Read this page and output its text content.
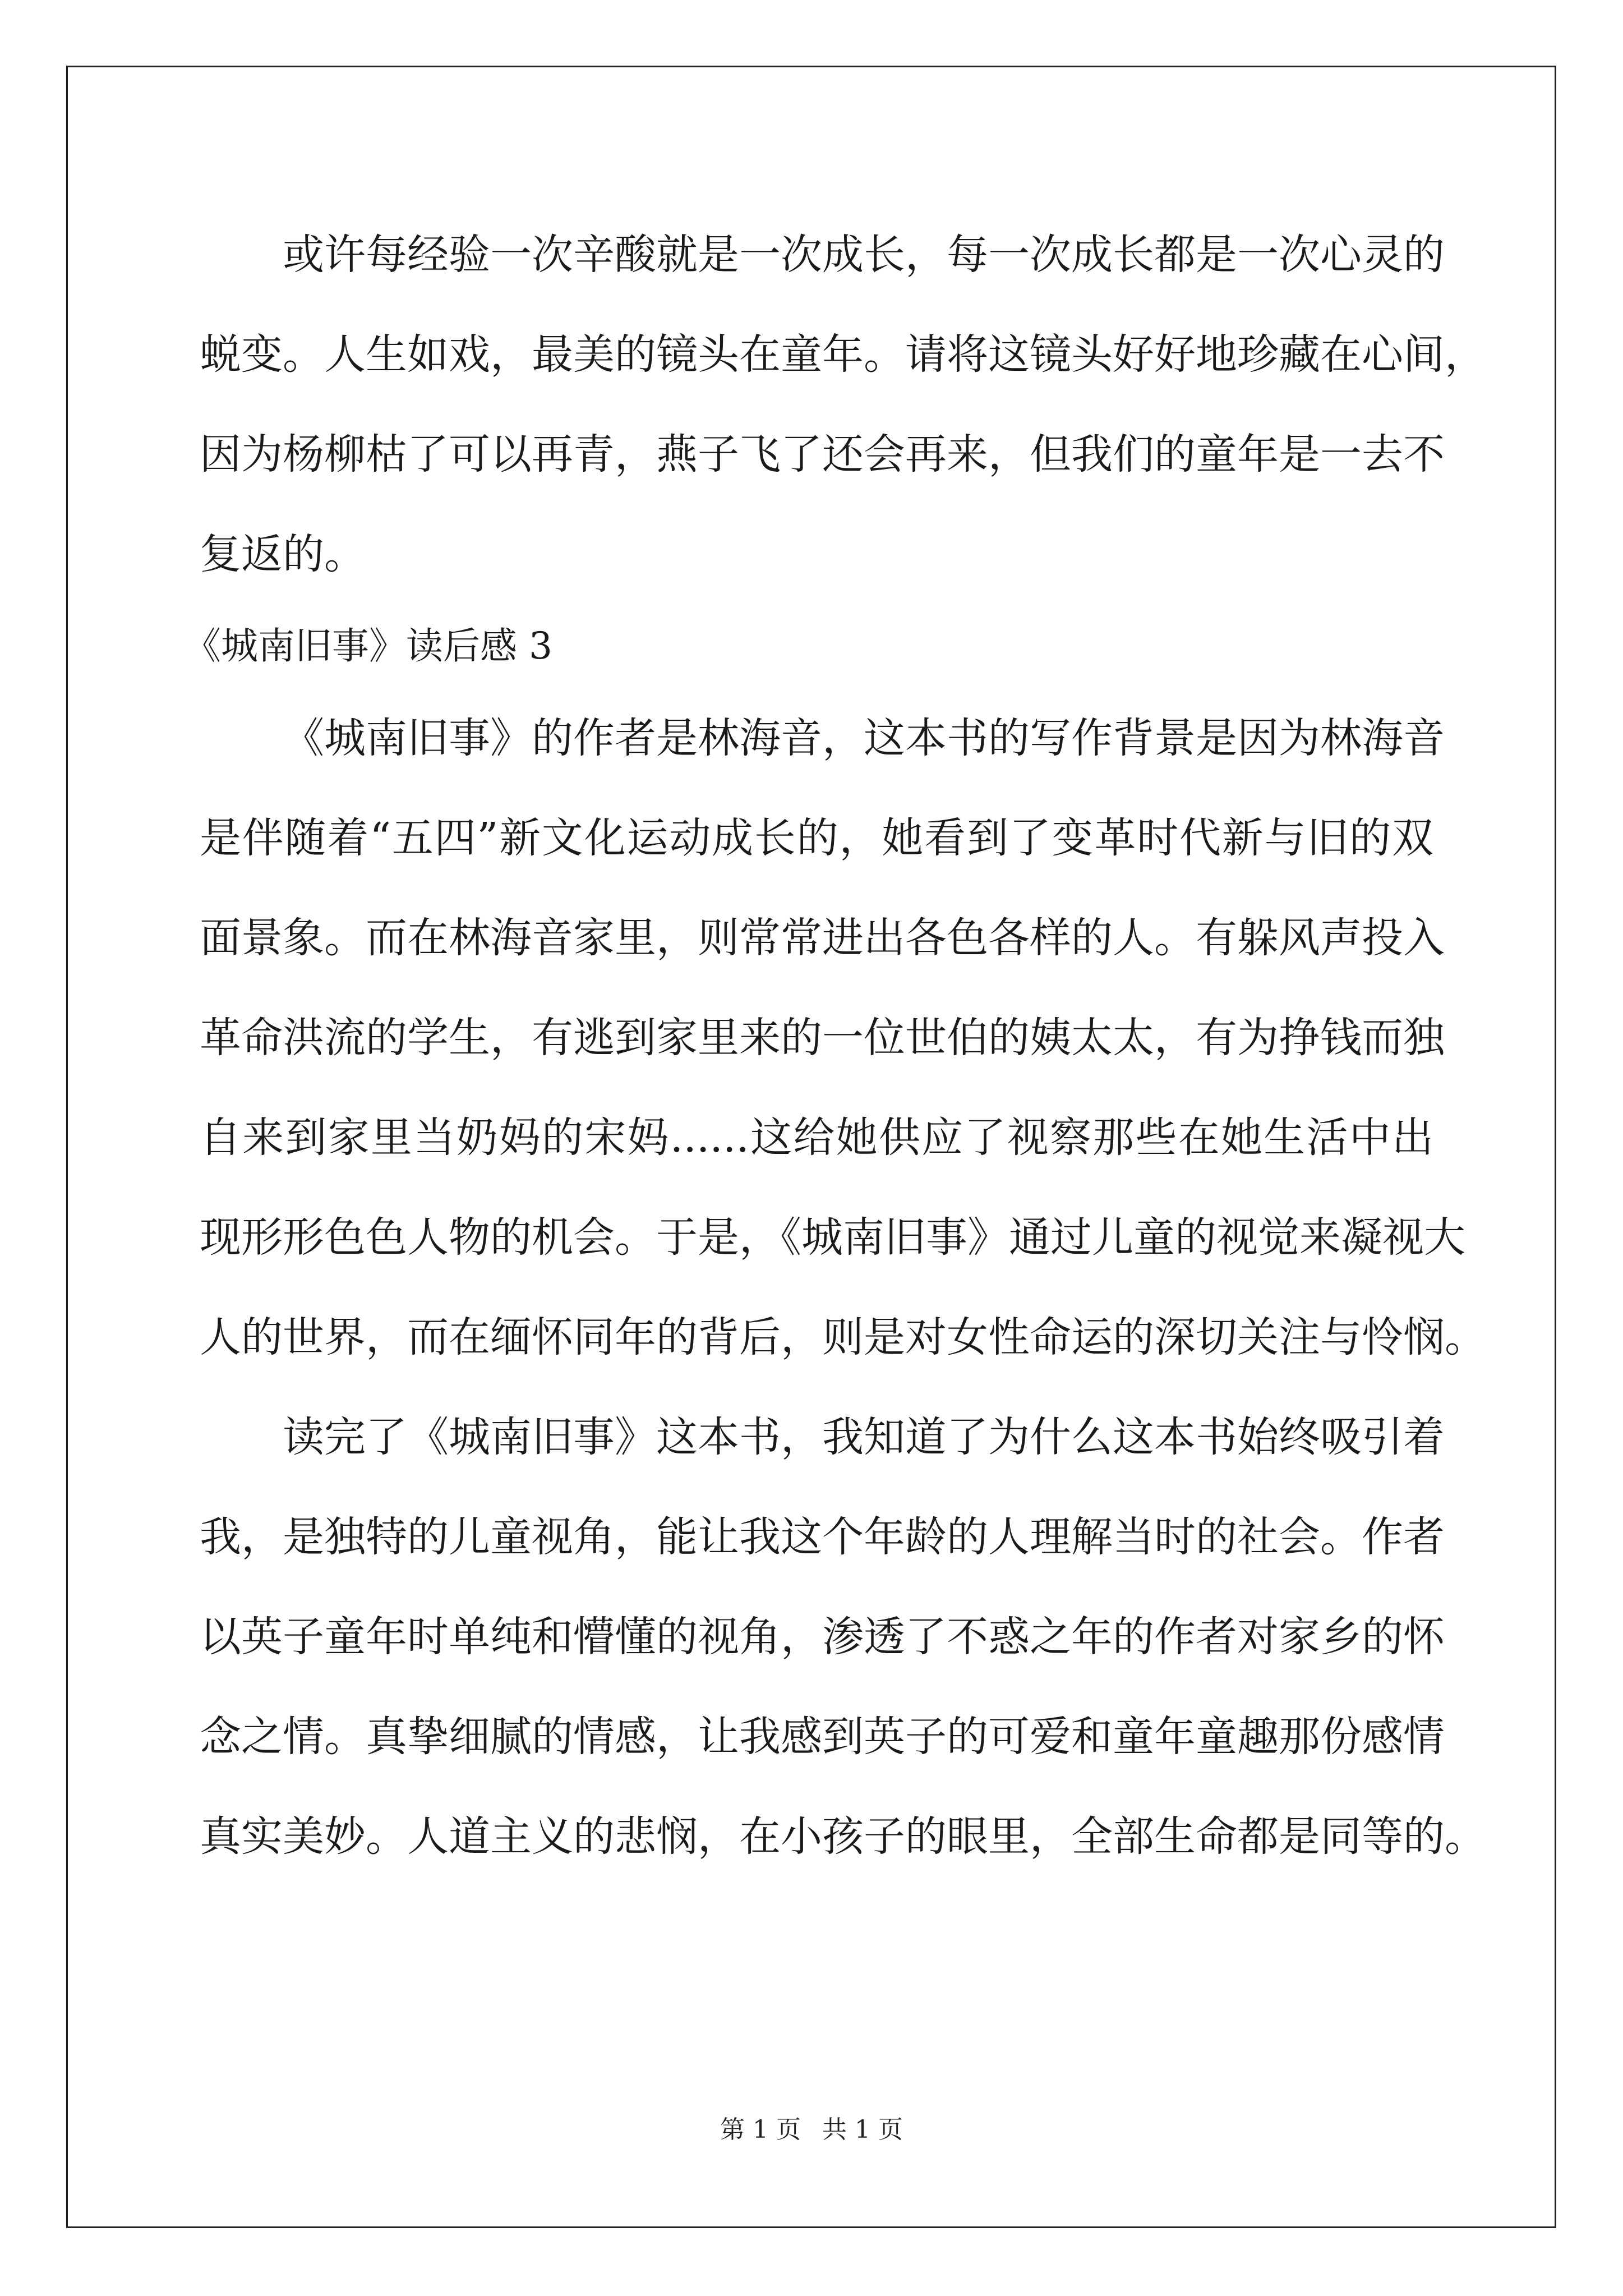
或许每经验一次辛酸就是一次成长，每一次成长都是一次心灵的
蜕变。人生如戏，最美的镜头在童年。请将这镜头好好地珍藏在心间，
因为杨柳枯了可以再青，燕子飞了还会再来，但我们的童年是一去不
复返的。
《城南旧事》读后感 3
《城南旧事》的作者是林海音，这本书的写作背景是因为林海音
是伴随着“五四”新文化运动成长的，她看到了变革时代新与旧的双
面景象。而在林海音家里，则常常进出各色各样的人。有躲风声投入
革命洪流的学生，有逃到家里来的一位世伯的姨太太，有为挣钱而独
自来到家里当奶妈的宋妈......这给她供应了视察那些在她生活中出
现形形色色人物的机会。于是，《城南旧事》通过儿童的视觉来凝视大
人的世界，而在缅怀同年的背后，则是对女性命运的深切关注与怜悯。
读完了《城南旧事》这本书，我知道了为什么这本书始终吸引着
我，是独特的儿童视角，能让我这个年龄的人理解当时的社会。作者
以英子童年时单纯和懵懂的视角，渗透了不惑之年的作者对家乡的怀
念之情。真挚细腻的情感，让我感到英子的可爱和童年童趣那份感情
真实美妙。人道主义的悲悯，在小孩子的眼里，全部生命都是同等的。
第 1 页 共 1 页
